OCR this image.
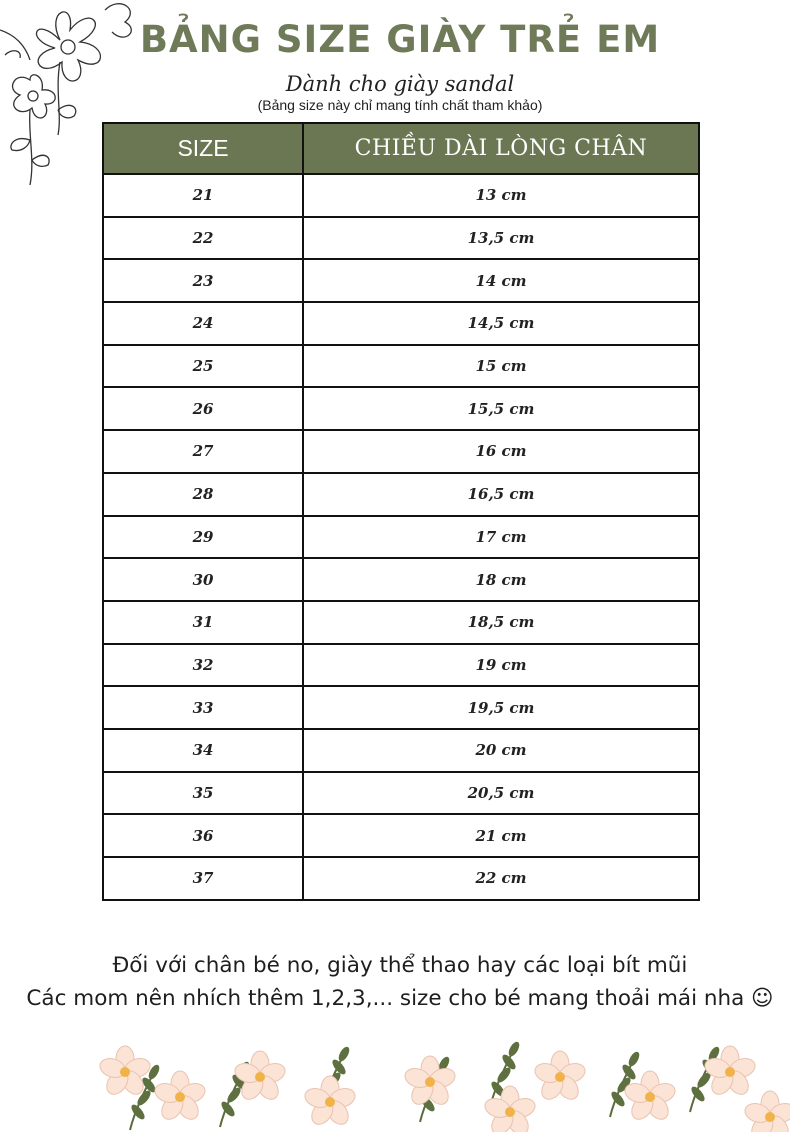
BẢNG SIZE GIÀY TRẺ EM
Dành cho giày sandal
(Bảng size này chỉ mang tính chất tham khảo)
SIZE	CHIỀU DÀI LÒNG CHÂN
21	13 cm
22	13,5 cm
23	14 cm
24	14,5 cm
25	15 cm
26	15,5 cm
27	16 cm
28	16,5 cm
29	17 cm
30	18 cm
31	18,5 cm
32	19 cm
33	19,5 cm
34	20 cm
35	20,5 cm
36	21 cm
37	22 cm
Đối với chân bé no, giày thể thao hay các loại bít mũi
Các mom nên nhích thêm 1,2,3,... size cho bé mang thoải mái nha ☺
